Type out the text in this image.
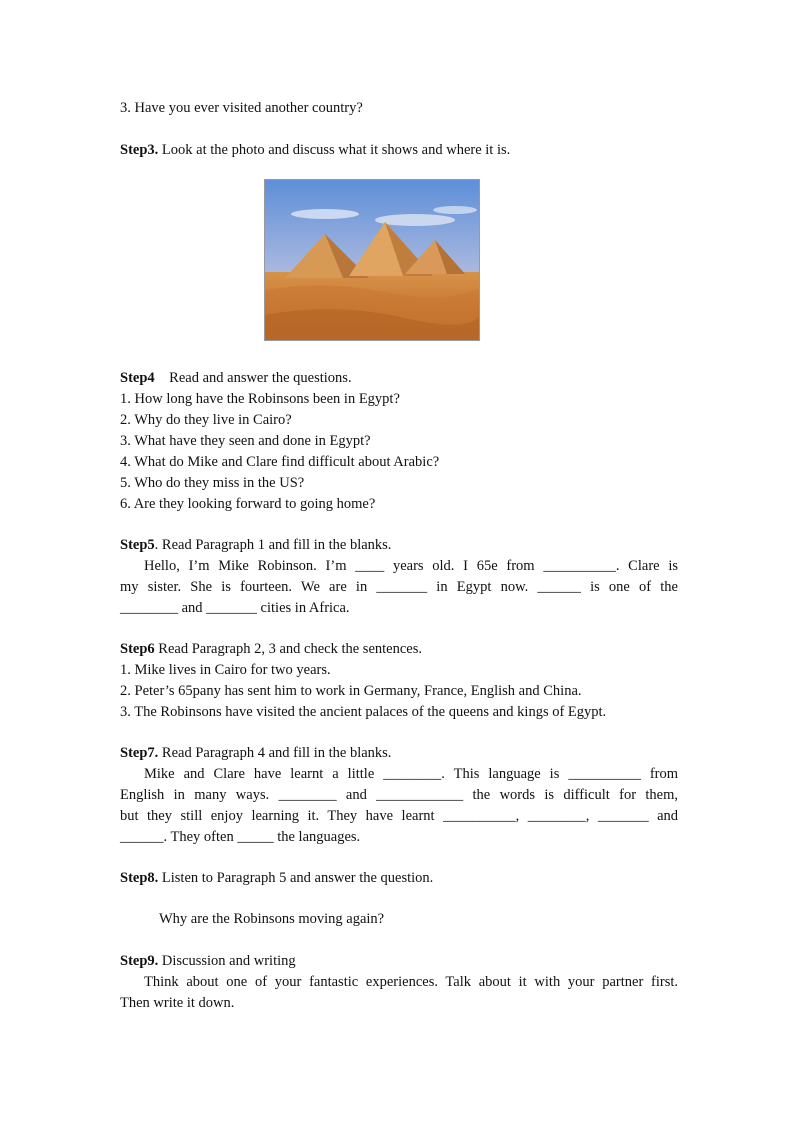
3. Have you ever visited another country?
Step3. Look at the photo and discuss what it shows and where it is.
Step4    Read and answer the questions.
1. How long have the Robinsons been in Egypt?
2. Why do they live in Cairo?
3. What have they seen and done in Egypt?
4. What do Mike and Clare find difficult about Arabic?
5. Who do they miss in the US?
6. Are they looking forward to going home?
Step5. Read Paragraph 1 and fill in the blanks.
Hello, I’m Mike Robinson. I’m ____ years old. I 65e from __________. Clare is
my sister. She is fourteen. We are in _______ in Egypt now. ______ is one of the
________ and _______ cities in Africa.
Step6 Read Paragraph 2, 3 and check the sentences.
1. Mike lives in Cairo for two years.
2. Peter’s 65pany has sent him to work in Germany, France, English and China.
3. The Robinsons have visited the ancient palaces of the queens and kings of Egypt.
Step7. Read Paragraph 4 and fill in the blanks.
Mike and Clare have learnt a little ________. This language is __________ from
English in many ways. ________ and ____________ the words is difficult for them,
but they still enjoy learning it. They have learnt __________, ________, _______ and
______. They often _____ the languages.
Step8. Listen to Paragraph 5 and answer the question.
Why are the Robinsons moving again?
Step9. Discussion and writing
Think about one of your fantastic experiences. Talk about it with your partner first.
Then write it down.
